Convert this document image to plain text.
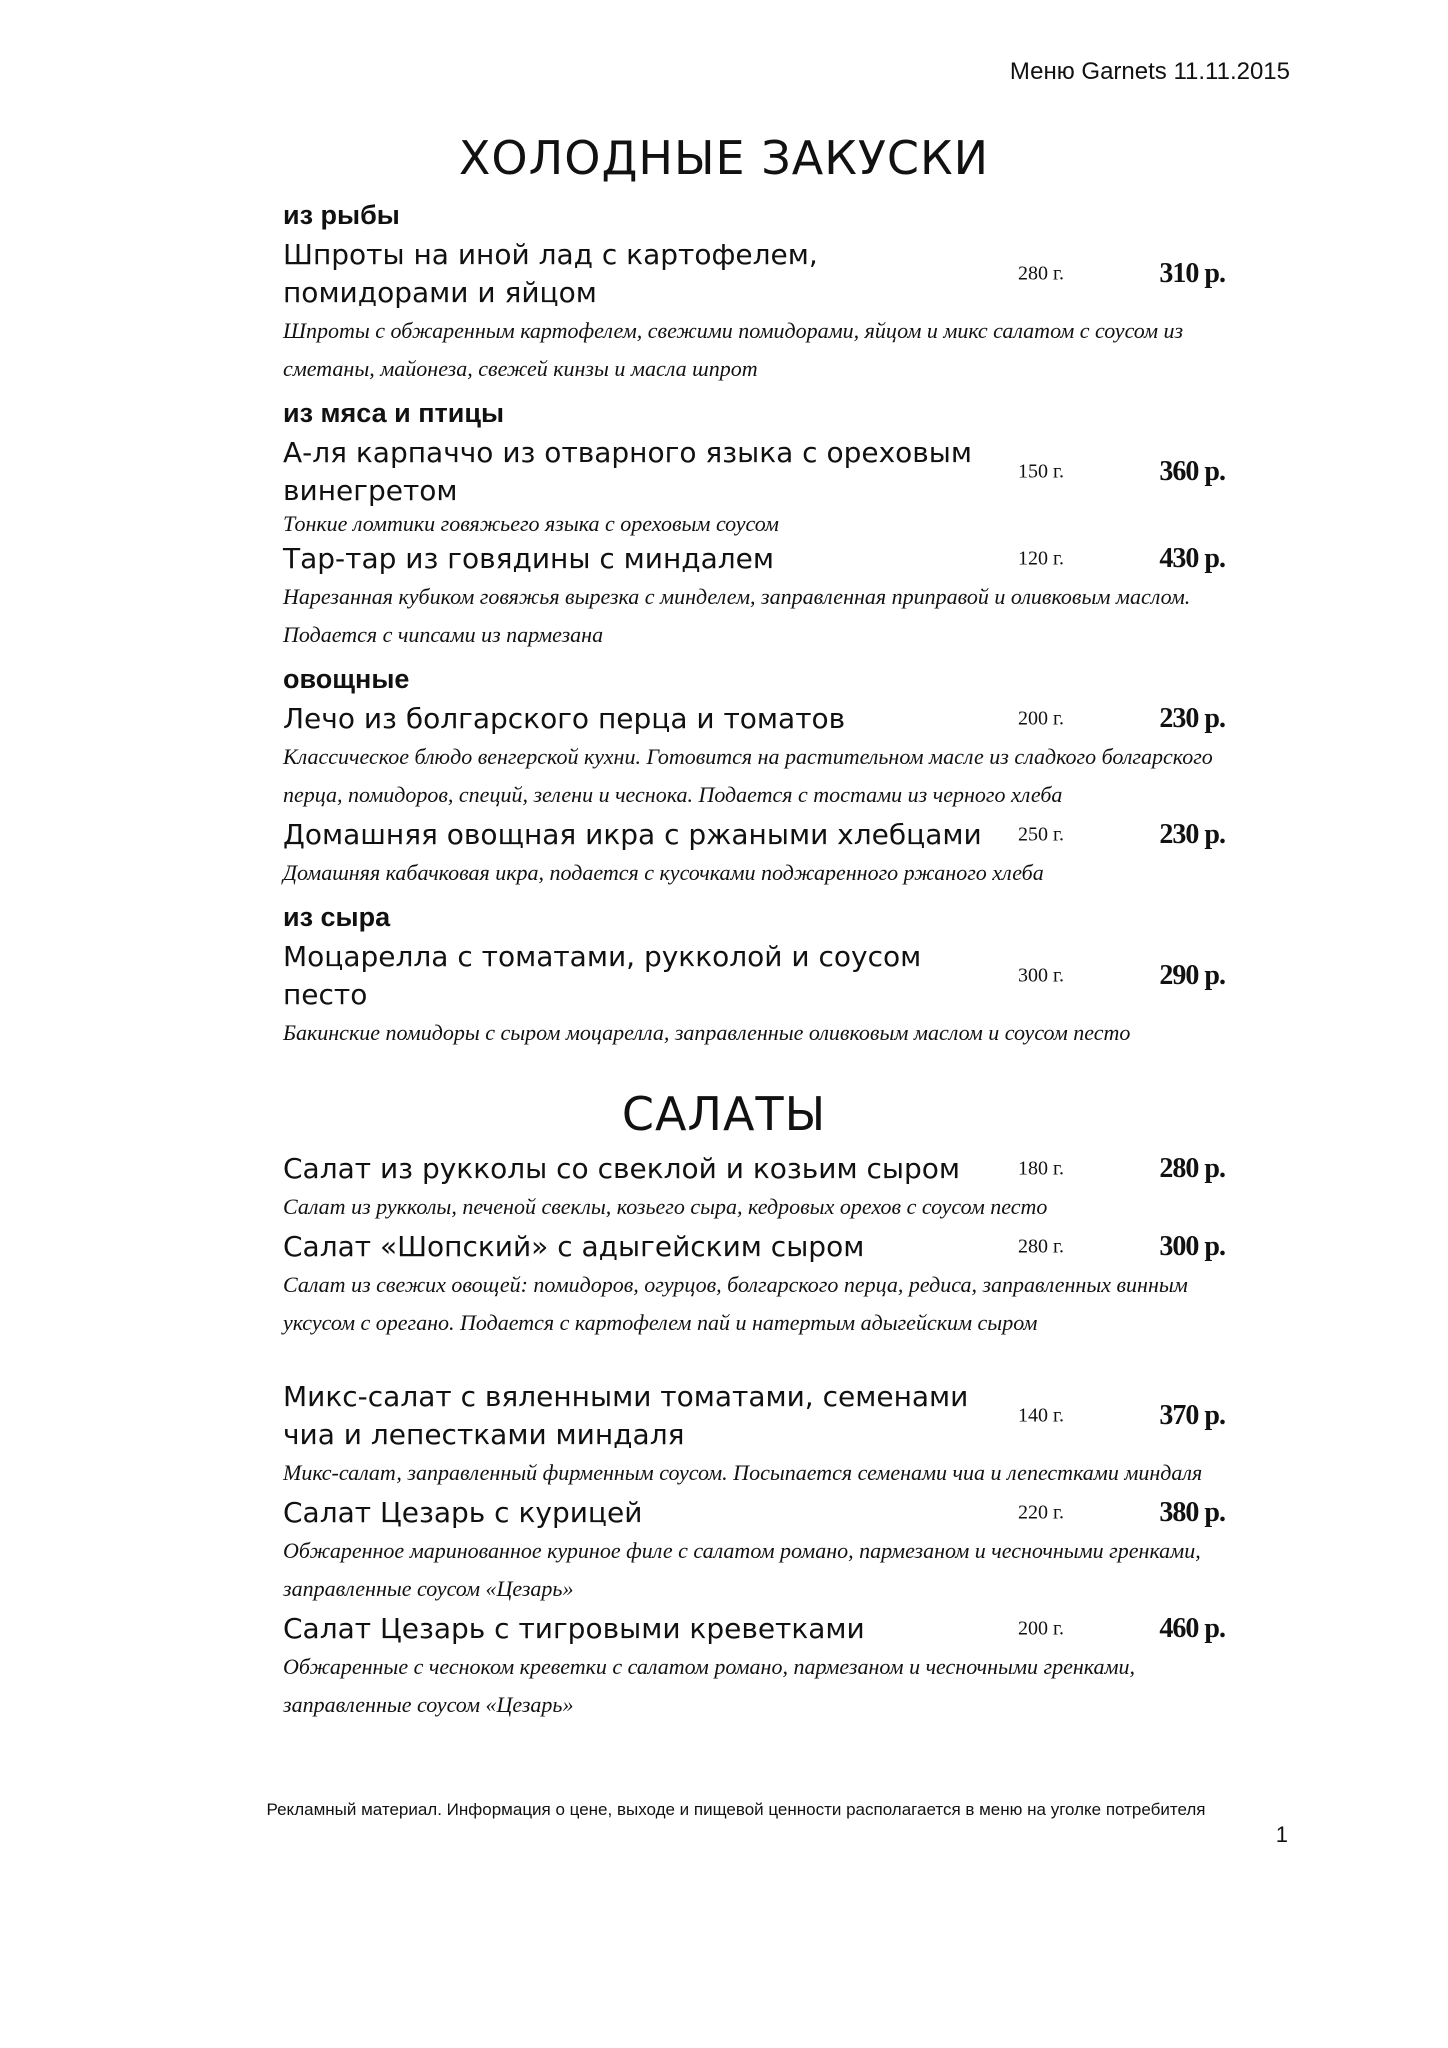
Меню Garnets 11.11.2015
ХОЛОДНЫЕ ЗАКУСКИ
из рыбы
Шпроты на иной лад с картофелем, помидорами и яйцом
280 г.	310 р.
Шпроты с обжаренным картофелем, свежими помидорами, яйцом и микс салатом с соусом из сметаны, майонеза, свежей кинзы и масла шпрот
из мяса и птицы
А-ля карпаччо из отварного языка с ореховым винегретом
150 г.	360 р.
Тонкие ломтики говяжьего языка с ореховым соусом
Тар-тар из говядины с миндалем	120 г.	430 р.
Нарезанная кубиком говяжья вырезка с минделем, заправленная приправой и оливковым маслом. Подается с чипсами из пармезана
овощные
Лечо из болгарского перца и томатов	200 г.	230 р.
Классическое блюдо венгерской кухни. Готовится на растительном масле из сладкого болгарского перца, помидоров, специй, зелени и чеснока. Подается с тостами из черного хлеба
Домашняя овощная икра с ржаными хлебцами 250 г.	230 р.
Домашняя кабачковая икра, подается с кусочками поджаренного ржаного хлеба
из сыра
Моцарелла с томатами, рукколой и соусом песто
300 г.	290 р.
Бакинские помидоры с сыром моцарелла, заправленные оливковым маслом и соусом песто
САЛАТЫ
Салат из рукколы со свеклой и козьим сыром	180 г.	280 р.
Салат из рукколы, печеной свеклы, козьего сыра, кедровых орехов с соусом песто
Салат «Шопский» с адыгейским сыром	280 г.	300 р.
Салат из свежих овощей: помидоров, огурцов, болгарского перца, редиса, заправленных винным уксусом с орегано. Подается с картофелем пай и натертым адыгейским сыром
Микс-салат с вяленными томатами, семенами чиа и лепестками миндаля
140 г.	370 р.
Микс-салат, заправленный фирменным соусом. Посыпается семенами чиа и лепестками миндаля
Салат Цезарь с курицей	220 г.	380 р.
Обжаренное маринованное куриное филе с салатом романо, пармезаном и чесночными гренками, заправленные соусом «Цезарь»
Салат Цезарь с тигровыми креветками	200 г.	460 р.
Обжаренные с чесноком креветки с салатом романо, пармезаном и чесночными гренками, заправленные соусом «Цезарь»
Рекламный материал. Информация о цене, выходе и пищевой ценности располагается в меню на уголке потребителя
1
